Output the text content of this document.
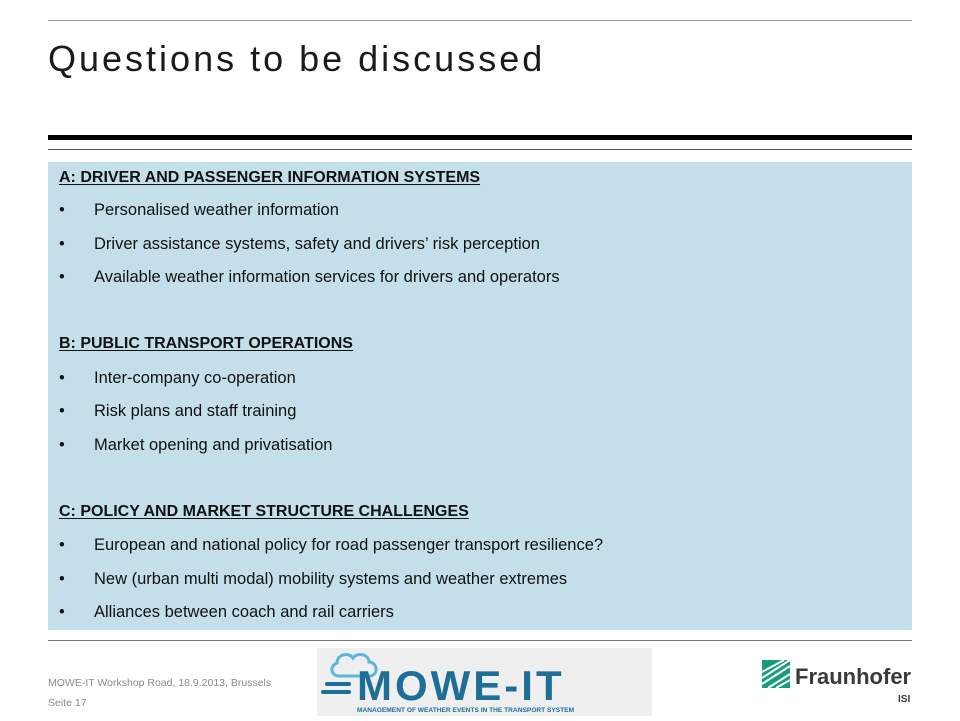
Questions to be discussed
A: DRIVER AND PASSENGER INFORMATION SYSTEMS
• Personalised weather information
• Driver assistance systems, safety and drivers’ risk perception
• Available weather information services for drivers and operators
B: PUBLIC TRANSPORT OPERATIONS
• Inter-company co-operation
• Risk plans and staff training
• Market opening and privatisation
C: POLICY AND MARKET STRUCTURE CHALLENGES
• European and national policy for road passenger transport resilience?
• New (urban multi modal) mobility systems and weather extremes
• Alliances between coach and rail carriers
MOWE-IT Workshop Road, 18.9.2013, Brussels
Seite 17	MOWE-IT
MANAGEMENT OF WEATHER EVENTS IN THE TRANSPORT SYSTEM
Fraunhofer
ISI
